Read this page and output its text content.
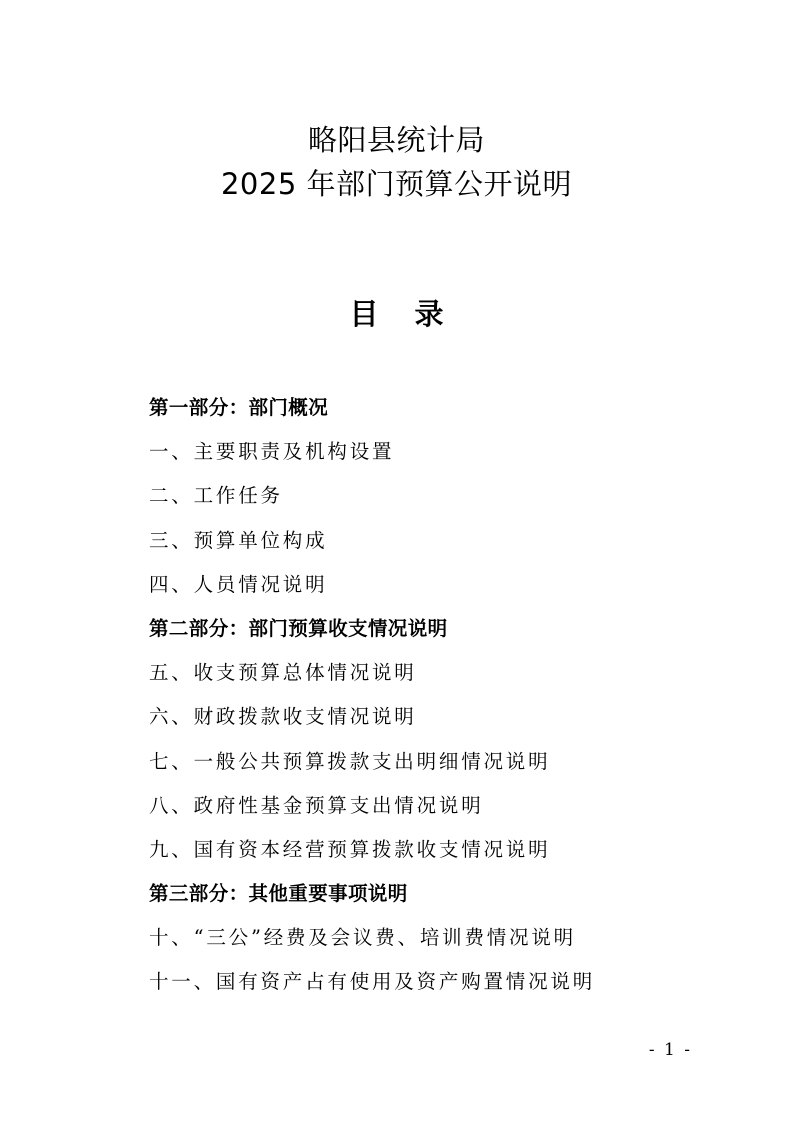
略阳县统计局
2025 年部门预算公开说明
目 录
第一部分：部门概况
一、主要职责及机构设置
二、工作任务
三、预算单位构成
四、人员情况说明
第二部分：部门预算收支情况说明
五、收支预算总体情况说明
六、财政拨款收支情况说明
七、一般公共预算拨款支出明细情况说明
八、政府性基金预算支出情况说明
九、国有资本经营预算拨款收支情况说明
第三部分：其他重要事项说明
十、“三公”经费及会议费、培训费情况说明
十一、国有资产占有使用及资产购置情况说明
- 1 -
